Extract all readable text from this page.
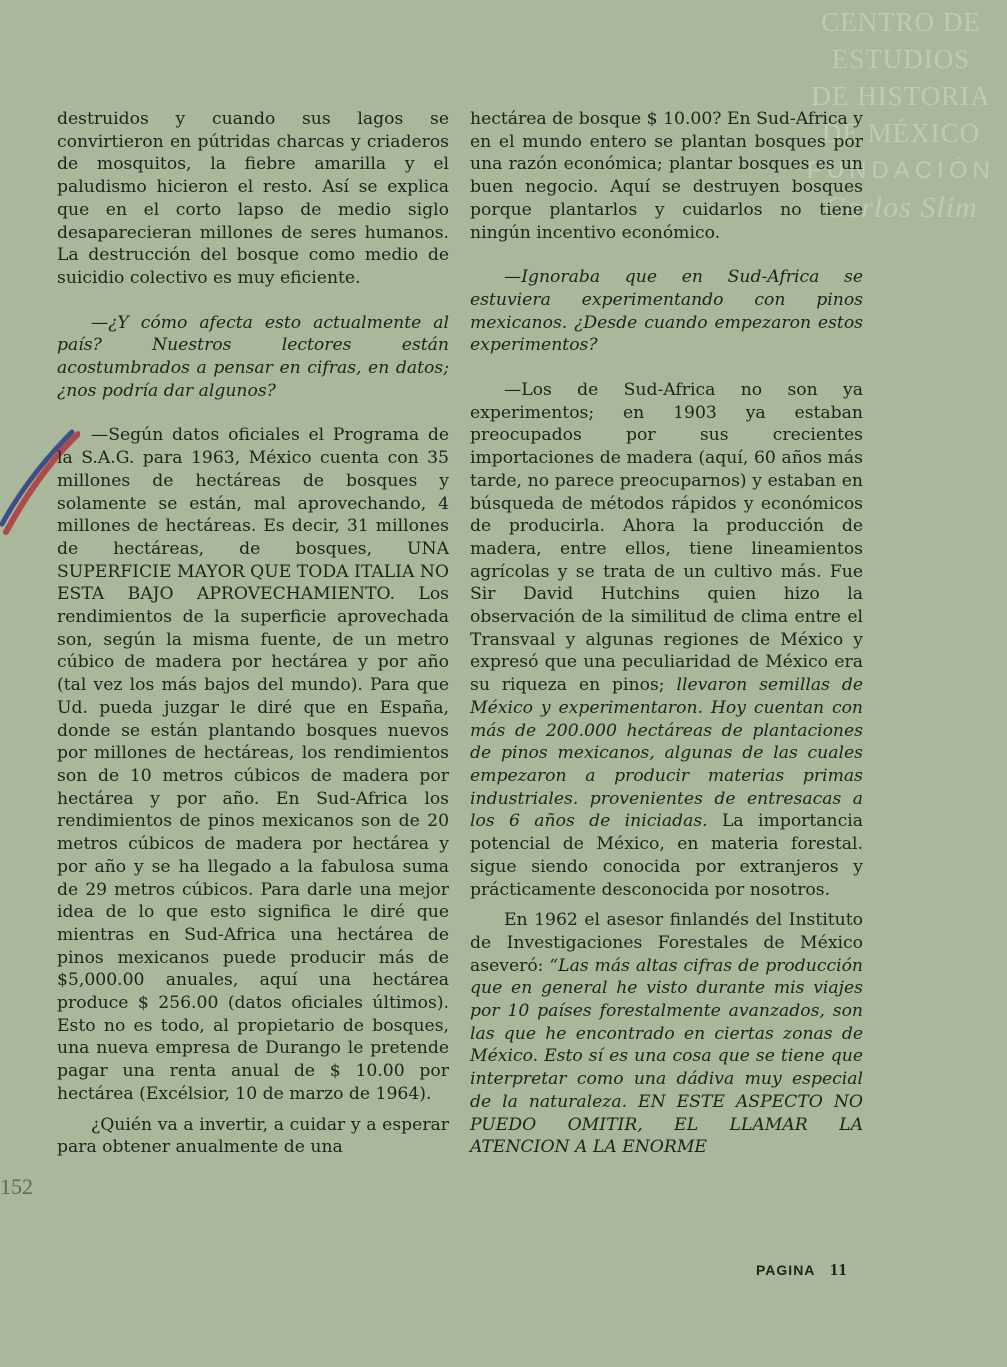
CENTRO DE
ESTUDIOS
DE HISTORIA
DE MÉXICO
FUNDACIÓN
Carlos Slim

destruidos y cuando sus lagos se convirtieron en pútridas charcas y criaderos de mosquitos, la fiebre amarilla y el paludismo hicieron el resto. Así se explica que en el corto lapso de medio siglo desaparecieran millones de seres humanos. La destrucción del bosque como medio de suicidio colectivo es muy eficiente.

—¿Y cómo afecta esto actualmente al país? Nuestros lectores están acostumbrados a pensar en cifras, en datos; ¿nos podría dar algunos?

—Según datos oficiales el Programa de la S.A.G. para 1963, México cuenta con 35 millones de hectáreas de bosques y solamente se están, mal aprovechando, 4 millones de hectáreas. Es decir, 31 millones de hectáreas, de bosques, UNA SUPERFICIE MAYOR QUE TODA ITALIA NO ESTA BAJO APROVECHAMIENTO. Los rendimientos de la superficie aprovechada son, según la misma fuente, de un metro cúbico de madera por hectárea y por año (tal vez los más bajos del mundo). Para que Ud. pueda juzgar le diré que en España, donde se están plantando bosques nuevos por millones de hectáreas, los rendimientos son de 10 metros cúbicos de madera por hectárea y por año. En Sud-Africa los rendimientos de pinos mexicanos son de 20 metros cúbicos de madera por hectárea y por año y se ha llegado a la fabulosa suma de 29 metros cúbicos. Para darle una mejor idea de lo que esto significa le diré que mientras en Sud-Africa una hectárea de pinos mexicanos puede producir más de $5,000.00 anuales, aquí una hectárea produce $ 256.00 (datos oficiales últimos). Esto no es todo, al propietario de bosques, una nueva empresa de Durango le pretende pagar una renta anual de $ 10.00 por hectárea (Excélsior, 10 de marzo de 1964).

¿Quién va a invertir, a cuidar y a esperar para obtener anualmente de una

hectárea de bosque $ 10.00? En Sud-Africa y en el mundo entero se plantan bosques por una razón económica; plantar bosques es un buen negocio. Aquí se destruyen bosques porque plantarlos y cuidarlos no tiene ningún incentivo económico.

—Ignoraba que en Sud-Africa se estuviera experimentando con pinos mexicanos. ¿Desde cuando empezaron estos experimentos?

—Los de Sud-Africa no son ya experimentos; en 1903 ya estaban preocupados por sus crecientes importaciones de madera (aquí, 60 años más tarde, no parece preocuparnos) y estaban en búsqueda de métodos rápidos y económicos de producirla. Ahora la producción de madera, entre ellos, tiene lineamientos agrícolas y se trata de un cultivo más. Fue Sir David Hutchins quien hizo la observación de la similitud de clima entre el Transvaal y algunas regiones de México y expresó que una peculiaridad de México era su riqueza en pinos; llevaron semillas de México y experimentaron. Hoy cuentan con más de 200.000 hectáreas de plantaciones de pinos mexicanos, algunas de las cuales empezaron a producir materias primas industriales. provenientes de entresacas a los 6 años de iniciadas. La importancia potencial de México, en materia forestal. sigue siendo conocida por extranjeros y prácticamente desconocida por nosotros.

En 1962 el asesor finlandés del Instituto de Investigaciones Forestales de México aseveró: “Las más altas cifras de producción que en general he visto durante mis viajes por 10 países forestalmente avanzados, son las que he encontrado en ciertas zonas de México. Esto sí es una cosa que se tiene que interpretar como una dádiva muy especial de la naturaleza. EN ESTE ASPECTO NO PUEDO OMITIR, EL LLAMAR LA ATENCION A LA ENORME

152
PAGINA 11
